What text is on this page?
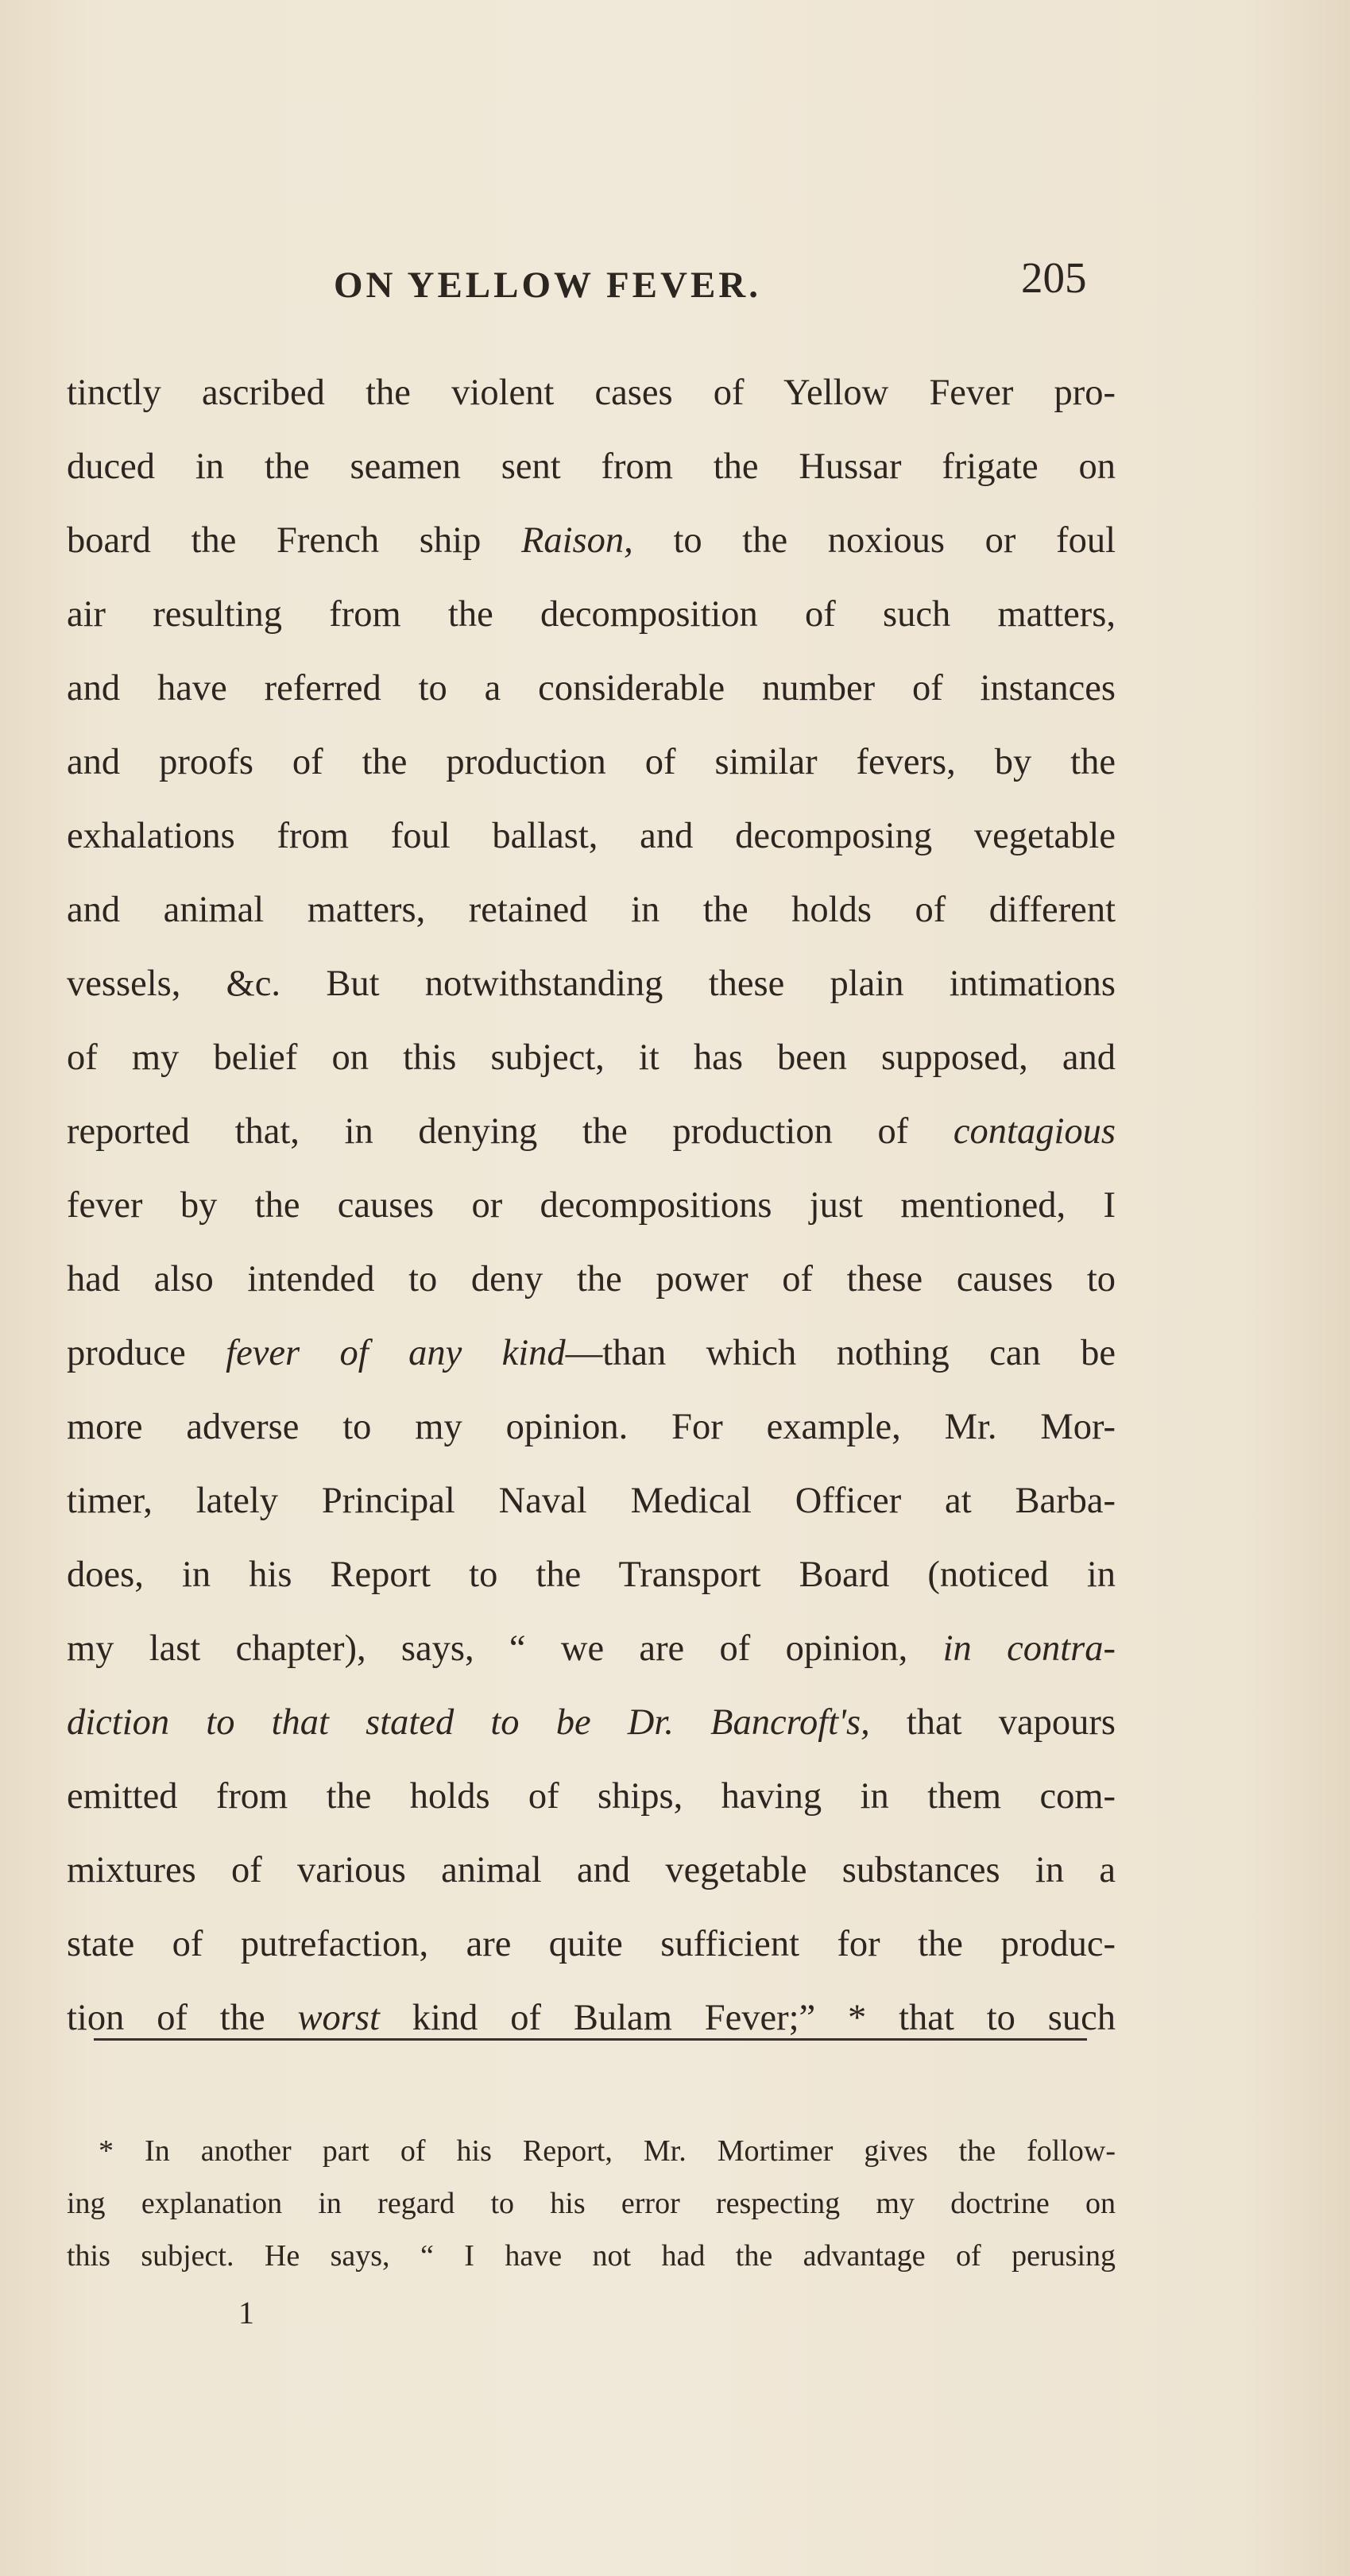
ON YELLOW FEVER.	205
tinctly ascribed the violent cases of Yellow Fever pro-
duced in the seamen sent from the Hussar frigate on
board the French ship Raison, to the noxious or foul
air resulting from the decomposition of such matters,
and have referred to a considerable number of instances
and proofs of the production of similar fevers, by the
exhalations from foul ballast, and decomposing vegetable
and animal matters, retained in the holds of different
vessels, &c. But notwithstanding these plain intimations
of my belief on this subject, it has been supposed, and
reported that, in denying the production of contagious
fever by the causes or decompositions just mentioned, I
had also intended to deny the power of these causes to
produce fever of any kind—than which nothing can be
more adverse to my opinion. For example, Mr. Mor-
timer, lately Principal Naval Medical Officer at Barba-
does, in his Report to the Transport Board (noticed in
my last chapter), says, “ we are of opinion, in contra-
diction to that stated to be Dr. Bancroft's, that vapours
emitted from the holds of ships, having in them com-
mixtures of various animal and vegetable substances in a
state of putrefaction, are quite sufficient for the produc-
tion of the worst kind of Bulam Fever;” * that to such
* In another part of his Report, Mr. Mortimer gives the follow-
ing explanation in regard to his error respecting my doctrine on
this subject. He says, “ I have not had the advantage of perusing
1
